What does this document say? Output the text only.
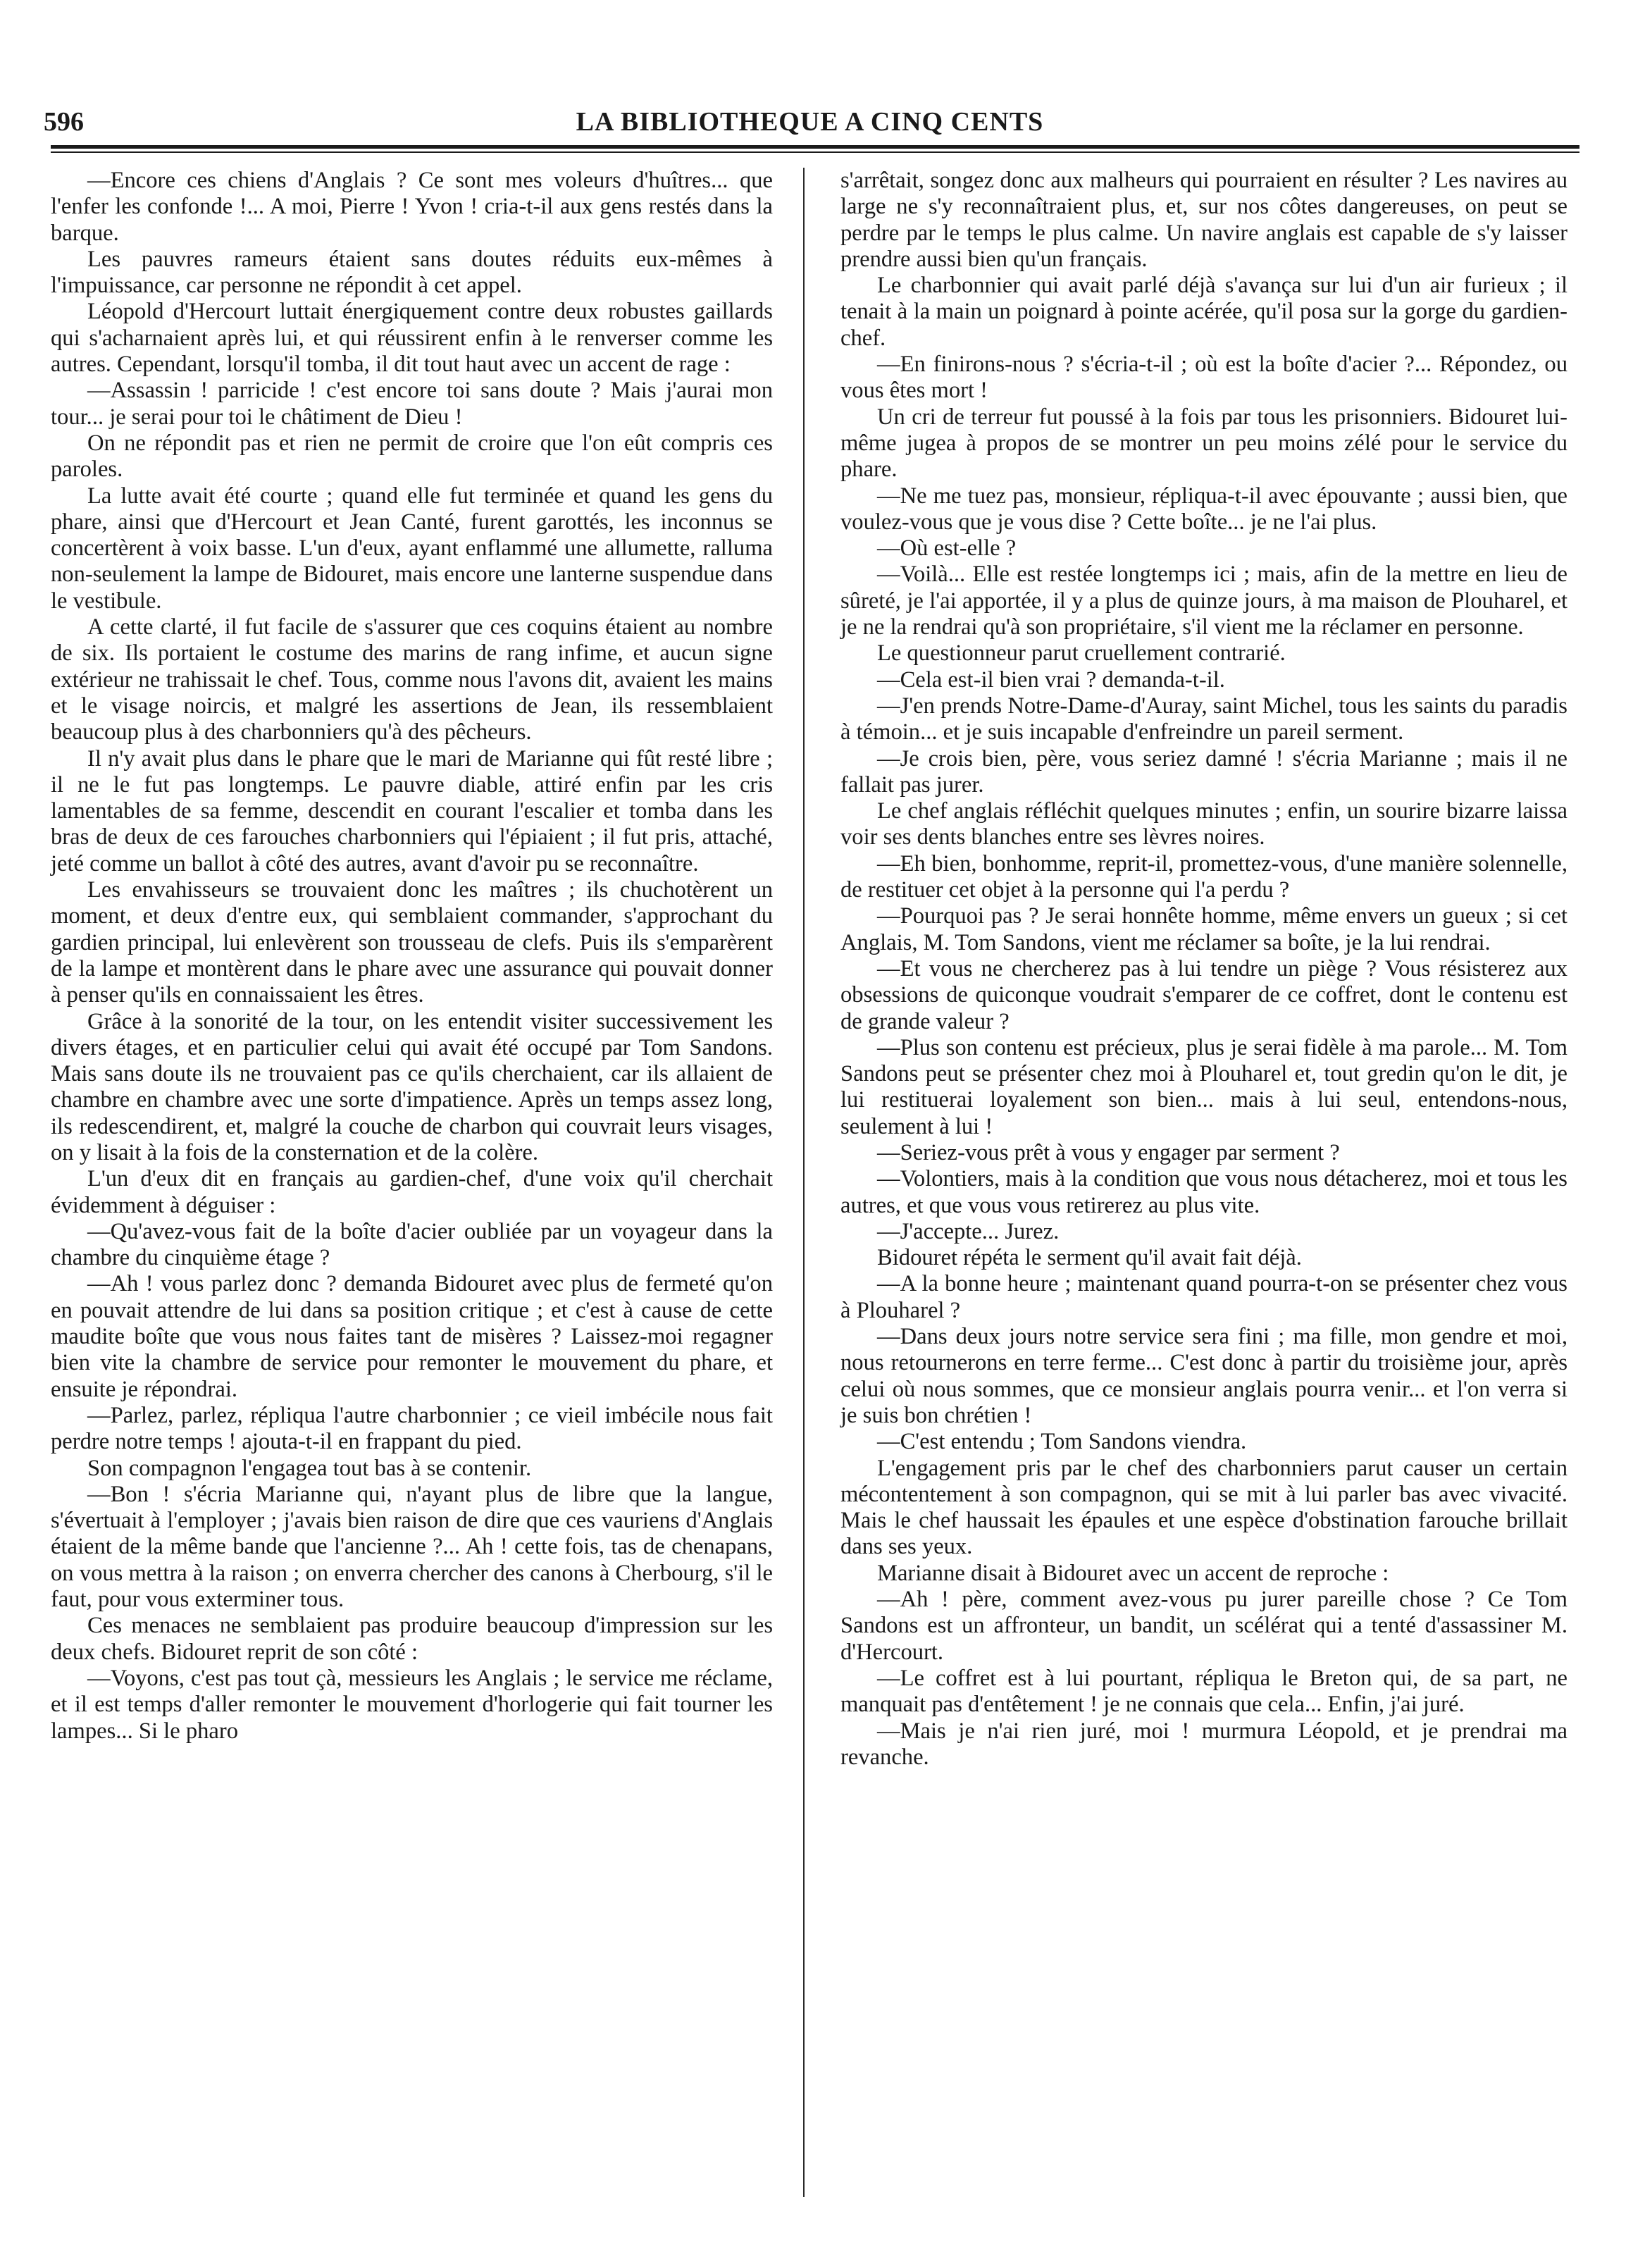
596	LA BIBLIOTHEQUE A CINQ CENTS

—Encore ces chiens d'Anglais ? Ce sont mes voleurs d'huîtres... que l'enfer les confonde !... A moi, Pierre ! Yvon ! cria-t-il aux gens restés dans la barque.

Les pauvres rameurs étaient sans doutes réduits eux-mêmes à l'impuissance, car personne ne répondit à cet appel.

Léopold d'Hercourt luttait énergiquement contre deux robustes gaillards qui s'acharnaient après lui, et qui réussirent enfin à le renverser comme les autres. Cependant, lorsqu'il tomba, il dit tout haut avec un accent de rage :

—Assassin ! parricide ! c'est encore toi sans doute ? Mais j'aurai mon tour... je serai pour toi le châtiment de Dieu !

On ne répondit pas et rien ne permit de croire que l'on eût compris ces paroles.

La lutte avait été courte ; quand elle fut terminée et quand les gens du phare, ainsi que d'Hercourt et Jean Canté, furent garottés, les inconnus se concertèrent à voix basse. L'un d'eux, ayant enflammé une allumette, ralluma non-seulement la lampe de Bidouret, mais encore une lanterne suspendue dans le vestibule.

A cette clarté, il fut facile de s'assurer que ces coquins étaient au nombre de six. Ils portaient le costume des marins de rang infime, et aucun signe extérieur ne trahissait le chef. Tous, comme nous l'avons dit, avaient les mains et le visage noircis, et malgré les assertions de Jean, ils ressemblaient beaucoup plus à des charbonniers qu'à des pêcheurs.

Il n'y avait plus dans le phare que le mari de Marianne qui fût resté libre ; il ne le fut pas longtemps. Le pauvre diable, attiré enfin par les cris lamentables de sa femme, descendit en courant l'escalier et tomba dans les bras de deux de ces farouches charbonniers qui l'épiaient ; il fut pris, attaché, jeté comme un ballot à côté des autres, avant d'avoir pu se reconnaître.

Les envahisseurs se trouvaient donc les maîtres ; ils chuchotèrent un moment, et deux d'entre eux, qui semblaient commander, s'approchant du gardien principal, lui enlevèrent son trousseau de clefs. Puis ils s'emparèrent de la lampe et montèrent dans le phare avec une assurance qui pouvait donner à penser qu'ils en connaissaient les êtres.

Grâce à la sonorité de la tour, on les entendit visiter successivement les divers étages, et en particulier celui qui avait été occupé par Tom Sandons. Mais sans doute ils ne trouvaient pas ce qu'ils cherchaient, car ils allaient de chambre en chambre avec une sorte d'impatience. Après un temps assez long, ils redescendirent, et, malgré la couche de charbon qui couvrait leurs visages, on y lisait à la fois de la consternation et de la colère.

L'un d'eux dit en français au gardien-chef, d'une voix qu'il cherchait évidemment à déguiser :

—Qu'avez-vous fait de la boîte d'acier oubliée par un voyageur dans la chambre du cinquième étage ?

—Ah ! vous parlez donc ? demanda Bidouret avec plus de fermeté qu'on en pouvait attendre de lui dans sa position critique ; et c'est à cause de cette maudite boîte que vous nous faites tant de misères ? Laissez-moi regagner bien vite la chambre de service pour remonter le mouvement du phare, et ensuite je répondrai.

—Parlez, parlez, répliqua l'autre charbonnier ; ce vieil imbécile nous fait perdre notre temps ! ajouta-t-il en frappant du pied.

Son compagnon l'engagea tout bas à se contenir.

—Bon ! s'écria Marianne qui, n'ayant plus de libre que la langue, s'évertuait à l'employer ; j'avais bien raison de dire que ces vauriens d'Anglais étaient de la même bande que l'ancienne ?... Ah ! cette fois, tas de chenapans, on vous mettra à la raison ; on enverra chercher des canons à Cherbourg, s'il le faut, pour vous exterminer tous.

Ces menaces ne semblaient pas produire beaucoup d'impression sur les deux chefs. Bidouret reprit de son côté :

—Voyons, c'est pas tout çà, messieurs les Anglais ; le service me réclame, et il est temps d'aller remonter le mouvement d'horlogerie qui fait tourner les lampes... Si le pharo

s'arrêtait, songez donc aux malheurs qui pourraient en résulter ? Les navires au large ne s'y reconnaîtraient plus, et, sur nos côtes dangereuses, on peut se perdre par le temps le plus calme. Un navire anglais est capable de s'y laisser prendre aussi bien qu'un français.

Le charbonnier qui avait parlé déjà s'avança sur lui d'un air furieux ; il tenait à la main un poignard à pointe acérée, qu'il posa sur la gorge du gardien-chef.

—En finirons-nous ? s'écria-t-il ; où est la boîte d'acier ?... Répondez, ou vous êtes mort !

Un cri de terreur fut poussé à la fois par tous les prisonniers. Bidouret lui-même jugea à propos de se montrer un peu moins zélé pour le service du phare.

—Ne me tuez pas, monsieur, répliqua-t-il avec épouvante ; aussi bien, que voulez-vous que je vous dise ? Cette boîte... je ne l'ai plus.

—Où est-elle ?

—Voilà... Elle est restée longtemps ici ; mais, afin de la mettre en lieu de sûreté, je l'ai apportée, il y a plus de quinze jours, à ma maison de Plouharel, et je ne la rendrai qu'à son propriétaire, s'il vient me la réclamer en personne.

Le questionneur parut cruellement contrarié.

—Cela est-il bien vrai ? demanda-t-il.

—J'en prends Notre-Dame-d'Auray, saint Michel, tous les saints du paradis à témoin... et je suis incapable d'enfreindre un pareil serment.

—Je crois bien, père, vous seriez damné ! s'écria Marianne ; mais il ne fallait pas jurer.

Le chef anglais réfléchit quelques minutes ; enfin, un sourire bizarre laissa voir ses dents blanches entre ses lèvres noires.

—Eh bien, bonhomme, reprit-il, promettez-vous, d'une manière solennelle, de restituer cet objet à la personne qui l'a perdu ?

—Pourquoi pas ? Je serai honnête homme, même envers un gueux ; si cet Anglais, M. Tom Sandons, vient me réclamer sa boîte, je la lui rendrai.

—Et vous ne chercherez pas à lui tendre un piège ? Vous résisterez aux obsessions de quiconque voudrait s'emparer de ce coffret, dont le contenu est de grande valeur ?

—Plus son contenu est précieux, plus je serai fidèle à ma parole... M. Tom Sandons peut se présenter chez moi à Plouharel et, tout gredin qu'on le dit, je lui restituerai loyalement son bien... mais à lui seul, entendons-nous, seulement à lui !

—Seriez-vous prêt à vous y engager par serment ?

—Volontiers, mais à la condition que vous nous détacherez, moi et tous les autres, et que vous vous retirerez au plus vite.

—J'accepte... Jurez.

Bidouret répéta le serment qu'il avait fait déjà.

—A la bonne heure ; maintenant quand pourra-t-on se présenter chez vous à Plouharel ?

—Dans deux jours notre service sera fini ; ma fille, mon gendre et moi, nous retournerons en terre ferme... C'est donc à partir du troisième jour, après celui où nous sommes, que ce monsieur anglais pourra venir... et l'on verra si je suis bon chrétien !

—C'est entendu ; Tom Sandons viendra.

L'engagement pris par le chef des charbonniers parut causer un certain mécontentement à son compagnon, qui se mit à lui parler bas avec vivacité. Mais le chef haussait les épaules et une espèce d'obstination farouche brillait dans ses yeux.

Marianne disait à Bidouret avec un accent de reproche :

—Ah ! père, comment avez-vous pu jurer pareille chose ? Ce Tom Sandons est un affronteur, un bandit, un scélérat qui a tenté d'assassiner M. d'Hercourt.

—Le coffret est à lui pourtant, répliqua le Breton qui, de sa part, ne manquait pas d'entêtement ! je ne connais que cela... Enfin, j'ai juré.

—Mais je n'ai rien juré, moi ! murmura Léopold, et je prendrai ma revanche.
